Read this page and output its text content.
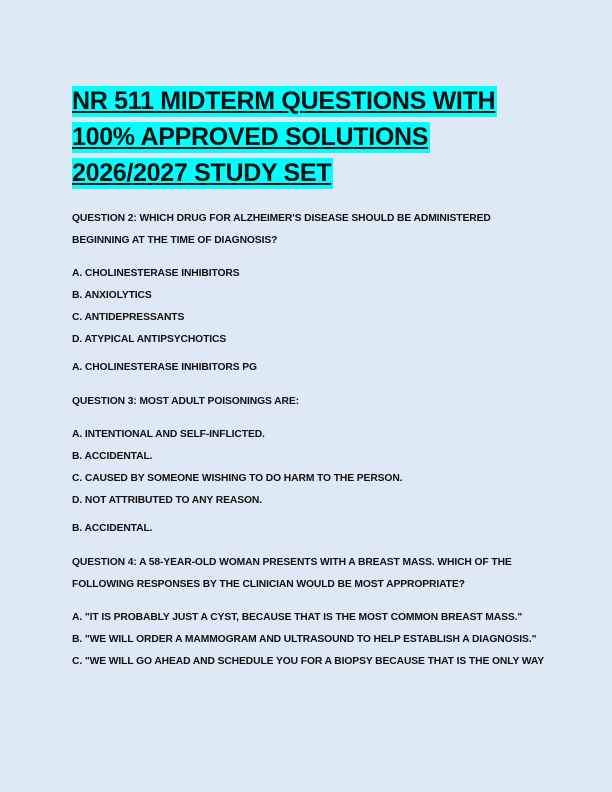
NR 511 MIDTERM QUESTIONS WITH
100% APPROVED SOLUTIONS
2026/2027 STUDY SET
QUESTION 2: WHICH DRUG FOR ALZHEIMER'S DISEASE SHOULD BE ADMINISTERED
BEGINNING AT THE TIME OF DIAGNOSIS?
A. CHOLINESTERASE INHIBITORS
B. ANXIOLYTICS
C. ANTIDEPRESSANTS
D. ATYPICAL ANTIPSYCHOTICS
A. CHOLINESTERASE INHIBITORS PG
QUESTION 3: MOST ADULT POISONINGS ARE:
A. INTENTIONAL AND SELF-INFLICTED.
B. ACCIDENTAL.
C. CAUSED BY SOMEONE WISHING TO DO HARM TO THE PERSON.
D. NOT ATTRIBUTED TO ANY REASON.
B. ACCIDENTAL.
QUESTION 4: A 58-YEAR-OLD WOMAN PRESENTS WITH A BREAST MASS. WHICH OF THE
FOLLOWING RESPONSES BY THE CLINICIAN WOULD BE MOST APPROPRIATE?
A. "IT IS PROBABLY JUST A CYST, BECAUSE THAT IS THE MOST COMMON BREAST MASS."
B. "WE WILL ORDER A MAMMOGRAM AND ULTRASOUND TO HELP ESTABLISH A DIAGNOSIS."
C. "WE WILL GO AHEAD AND SCHEDULE YOU FOR A BIOPSY BECAUSE THAT IS THE ONLY WAY
